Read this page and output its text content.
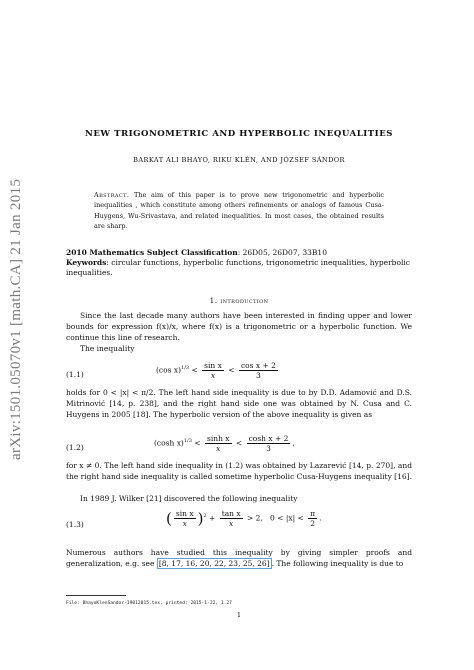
arXiv:1501.05070v1 [math.CA] 21 Jan 2015
NEW TRIGONOMETRIC AND HYPERBOLIC INEQUALITIES
BARKAT ALI BHAYO, RIKU KLÉN, AND JÓZSEF SÁNDOR
Abstract. The aim of this paper is to prove new trigonometric and hyperbolic inequalities , which constitute among others refinements or analogs of famous Cusa-Huygens, Wu-Srivastava, and related inequalities. In most cases, the obtained results are sharp.
2010 Mathematics Subject Classification: 26D05, 26D07, 33B10
Keywords: circular functions, hyperbolic functions, trigonometric inequalities, hyperbolic inequalities.
1. introduction
Since the last decade many authors have been interested in finding upper and lower bounds for expression f(x)/x, where f(x) is a trigonometric or a hyperbolic function. We continue this line of research.
The inequality
(1.1)	(cos $x)^{1/3} < \frac{\text{sin x}}{x} < \frac{\text{cos x + 2}}{3}$
holds for 0 < |x| < π/2. The left hand side inequality is due to by D.D. Adamović and D.S. Mitrinović [14, p. 238], and the right hand side one was obtained by N. Cusa and C. Huygens in 2005 [18]. The hyperbolic version of the above inequality is given as
(1.2)	(cosh $x)^{1/3} < \frac{\text{sinh x}}{x} < \frac{\text{cosh x + 2}}{3}$ ,
for x ≠ 0. The left hand side inequality in (1.2) was obtained by Lazarević [14, p. 270], and the right hand side inequality is called sometime hyperbolic Cusa-Huygens inequality [16].
In 1989 J. Wilker [21] discovered the following inequality
(1.3)	( $\frac{\text{sin x}}{x} )^2 + \frac{\text{tan x}}{x} > 2$, $0 < |x| < \frac{\pi}{2}$ .
Numerous authors have studied this inequality by giving simpler proofs and generalization, e.g. see [8, 17, 16, 20, 22, 23, 25, 26] . The following inequality is due to
File: BhayoKlenSandor-19012015.tex, printed: 2015-1-22, 1.27
1
